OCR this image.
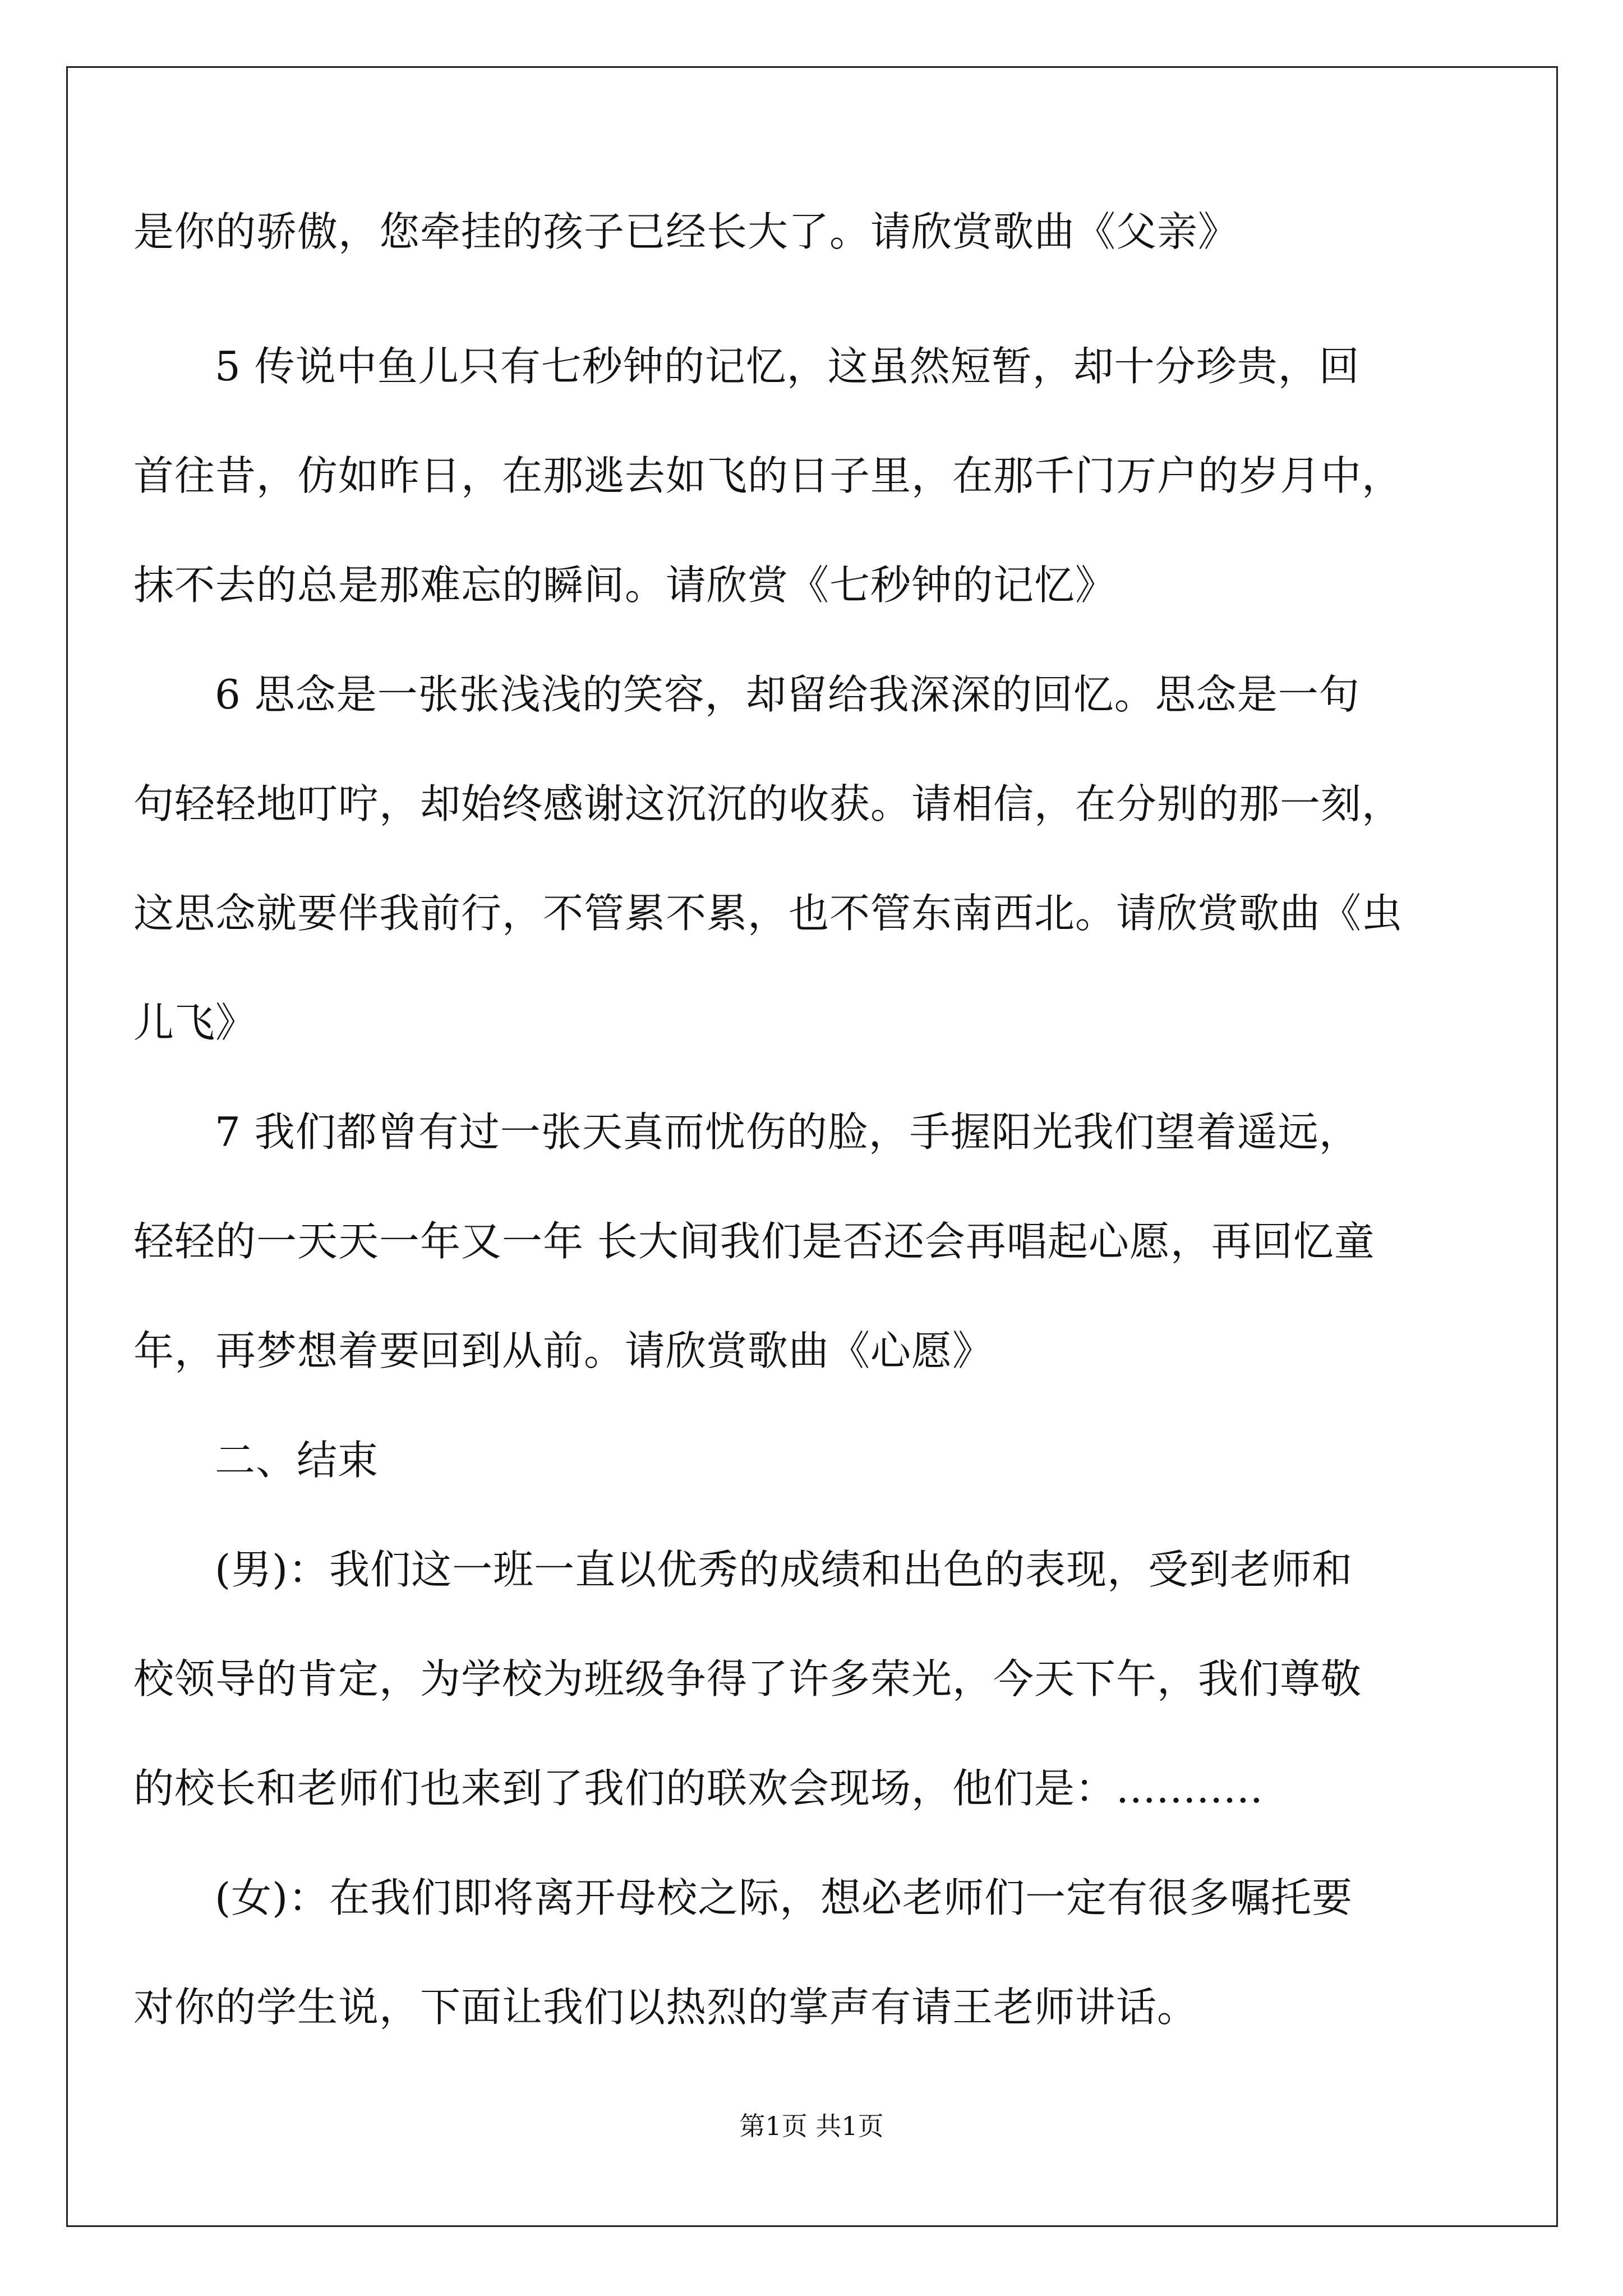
是你的骄傲，您牵挂的孩子已经长大了。请欣赏歌曲《父亲》
5 传说中鱼儿只有七秒钟的记忆，这虽然短暂，却十分珍贵，回
首往昔，仿如昨日，在那逃去如飞的日子里，在那千门万户的岁月中，
抹不去的总是那难忘的瞬间。请欣赏《七秒钟的记忆》
6 思念是一张张浅浅的笑容，却留给我深深的回忆。思念是一句
句轻轻地叮咛，却始终感谢这沉沉的收获。请相信，在分别的那一刻，
这思念就要伴我前行，不管累不累，也不管东南西北。请欣赏歌曲《虫
儿飞》
7 我们都曾有过一张天真而忧伤的脸，手握阳光我们望着遥远，
轻轻的一天天一年又一年 长大间我们是否还会再唱起心愿，再回忆童
年，再梦想着要回到从前。请欣赏歌曲《心愿》
二、结束
(男)：我们这一班一直以优秀的成绩和出色的表现，受到老师和
校领导的肯定，为学校为班级争得了许多荣光，今天下午，我们尊敬
的校长和老师们也来到了我们的联欢会现场，他们是：...........
(女)：在我们即将离开母校之际，想必老师们一定有很多嘱托要
对你的学生说，下面让我们以热烈的掌声有请王老师讲话。
第1页 共1页
